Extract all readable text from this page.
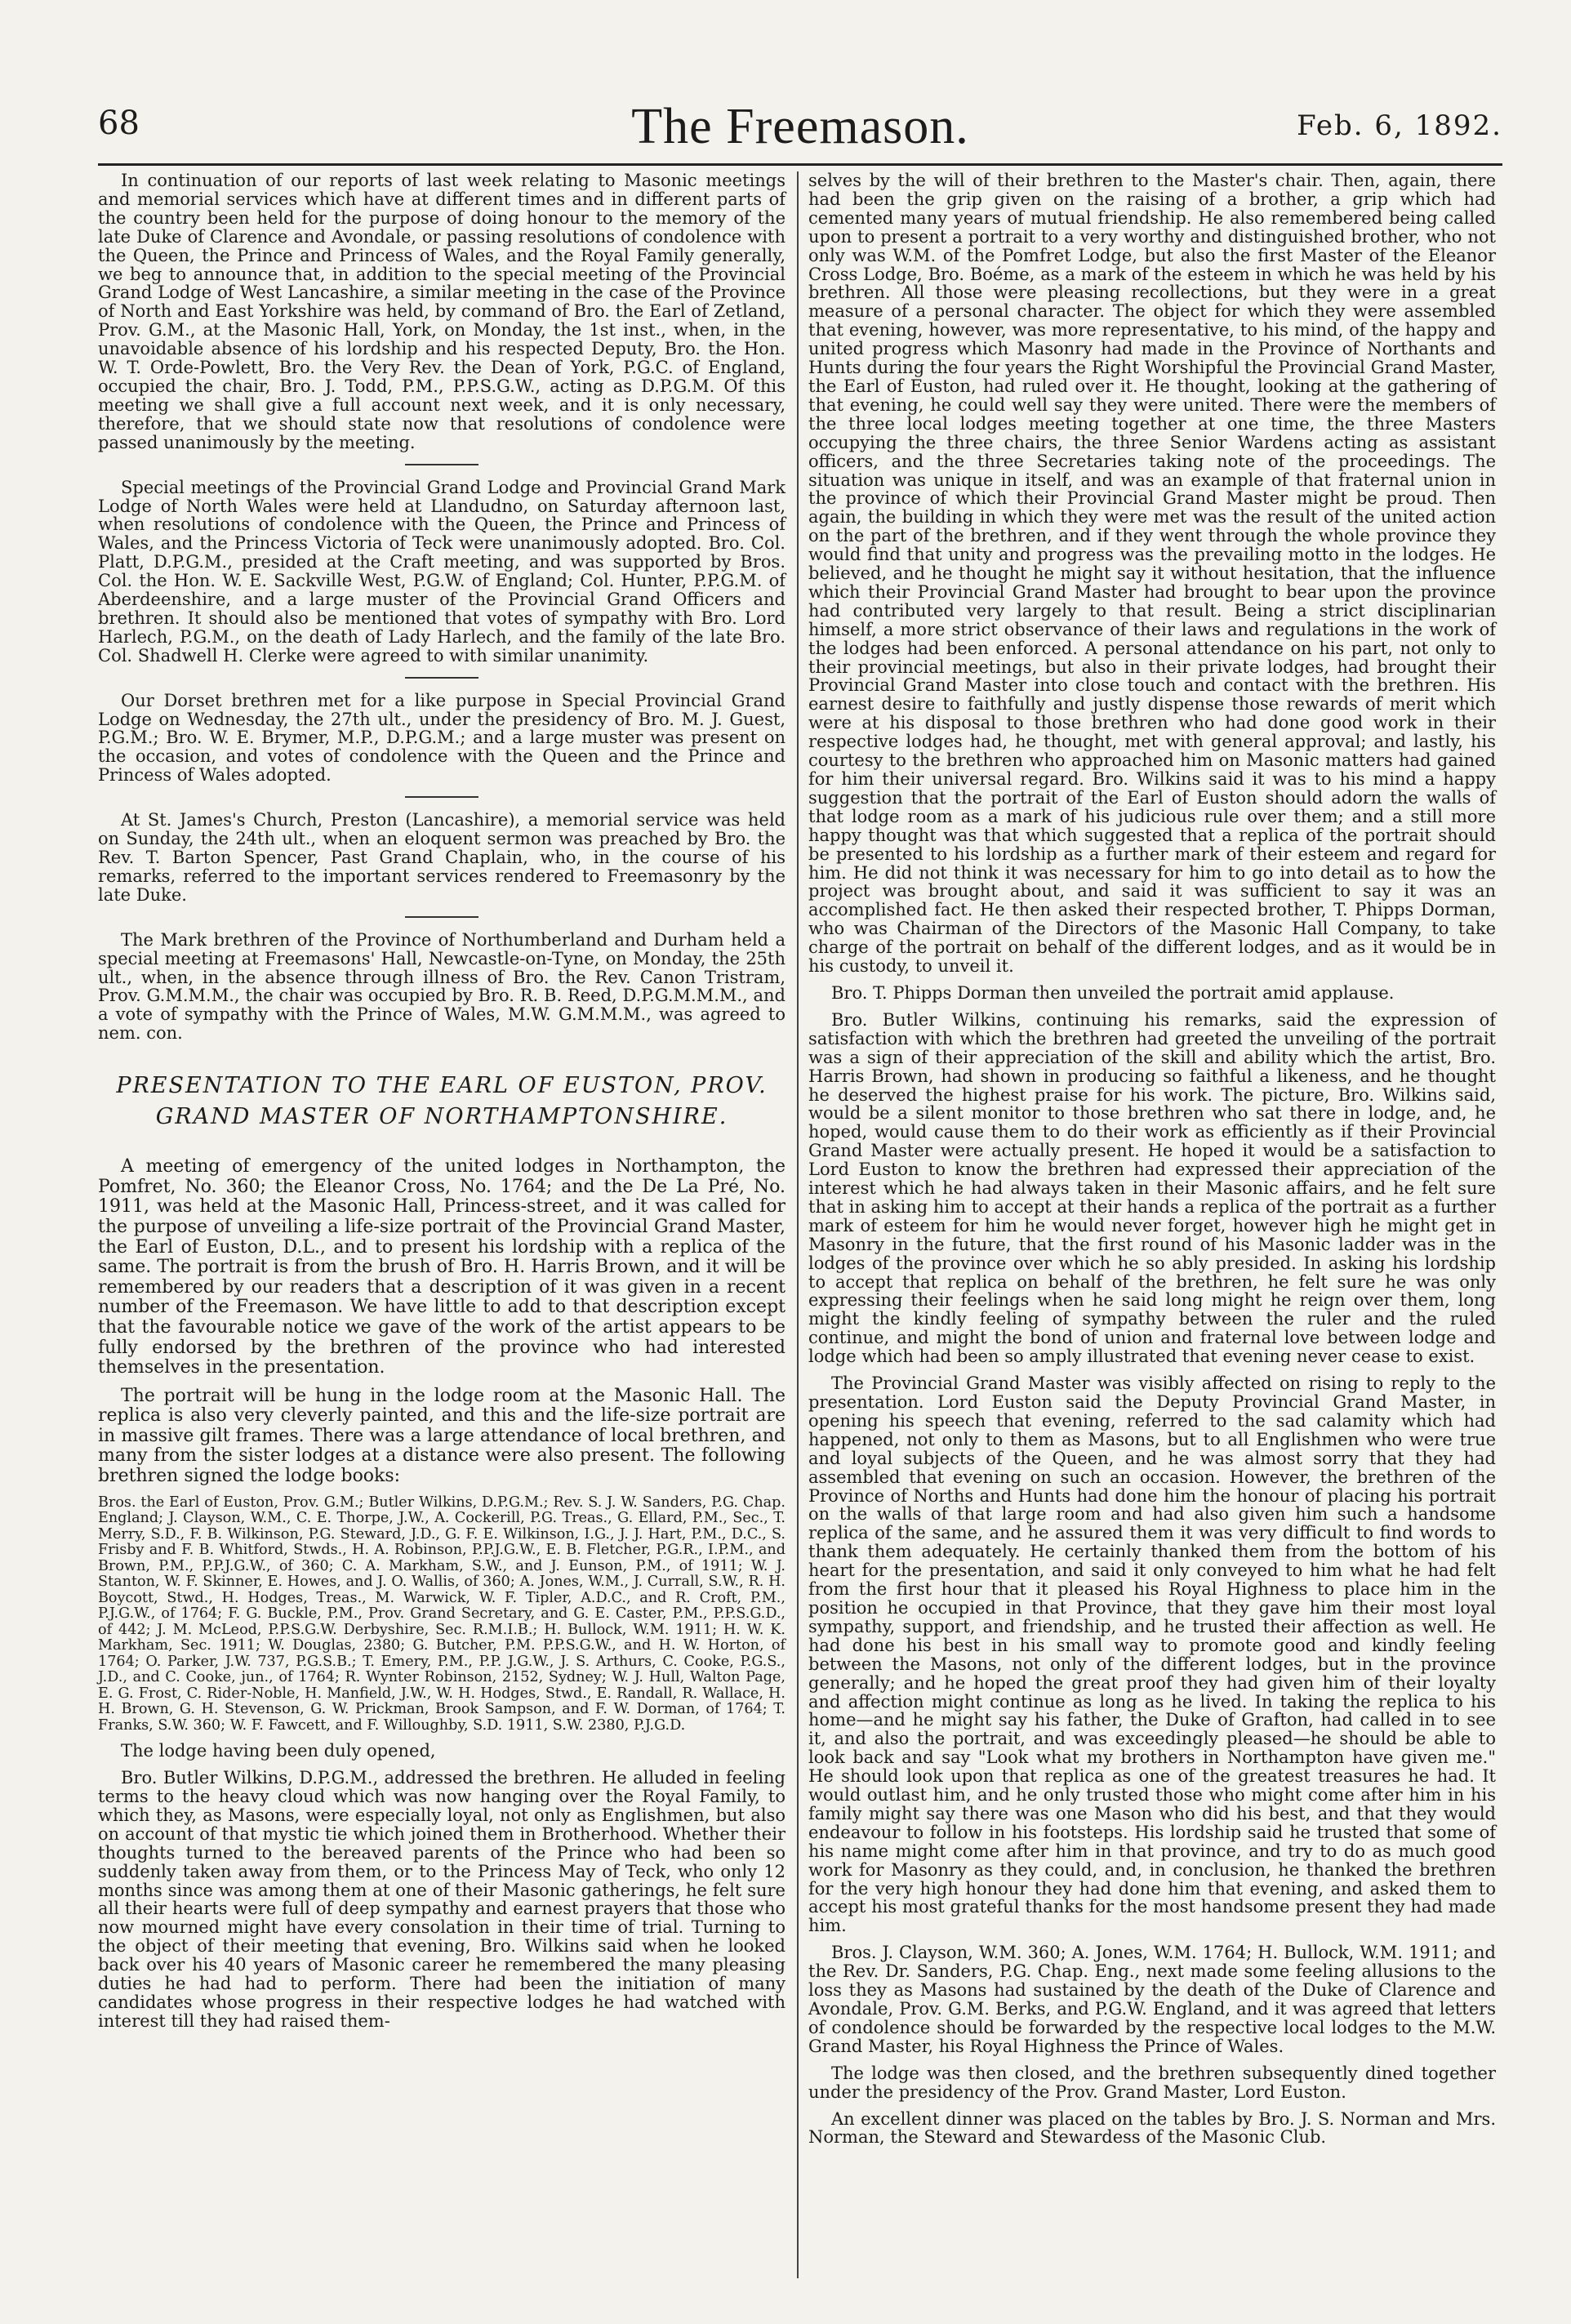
68	The Freemason.	Feb. 6, 1892.

In continuation of our reports of last week relating to Masonic meetings and memorial services which have at different times and in different parts of the country been held for the purpose of doing honour to the memory of the late Duke of Clarence and Avondale, or passing resolutions of condolence with the Queen, the Prince and Princess of Wales, and the Royal Family generally, we beg to announce that, in addition to the special meeting of the Provincial Grand Lodge of West Lancashire, a similar meeting in the case of the Province of North and East Yorkshire was held, by command of Bro. the Earl of Zetland, Prov. G.M., at the Masonic Hall, York, on Monday, the 1st inst., when, in the unavoidable absence of his lordship and his respected Deputy, Bro. the Hon. W. T. Orde-Powlett, Bro. the Very Rev. the Dean of York, P.G.C. of England, occupied the chair, Bro. J. Todd, P.M., P.P.S.G.W., acting as D.P.G.M. Of this meeting we shall give a full account next week, and it is only necessary, therefore, that we should state now that resolutions of condolence were passed unanimously by the meeting.

Special meetings of the Provincial Grand Lodge and Provincial Grand Mark Lodge of North Wales were held at Llandudno, on Saturday afternoon last, when resolutions of condolence with the Queen, the Prince and Princess of Wales, and the Princess Victoria of Teck were unanimously adopted. Bro. Col. Platt, D.P.G.M., presided at the Craft meeting, and was supported by Bros. Col. the Hon. W. E. Sackville West, P.G.W. of England; Col. Hunter, P.P.G.M. of Aberdeenshire, and a large muster of the Provincial Grand Officers and brethren. It should also be mentioned that votes of sympathy with Bro. Lord Harlech, P.G.M., on the death of Lady Harlech, and the family of the late Bro. Col. Shadwell H. Clerke were agreed to with similar unanimity.

Our Dorset brethren met for a like purpose in Special Provincial Grand Lodge on Wednesday, the 27th ult., under the presidency of Bro. M. J. Guest, P.G.M.; Bro. W. E. Brymer, M.P., D.P.G.M.; and a large muster was present on the occasion, and votes of condolence with the Queen and the Prince and Princess of Wales adopted.

At St. James's Church, Preston (Lancashire), a memorial service was held on Sunday, the 24th ult., when an eloquent sermon was preached by Bro. the Rev. T. Barton Spencer, Past Grand Chaplain, who, in the course of his remarks, referred to the important services rendered to Freemasonry by the late Duke.

The Mark brethren of the Province of Northumberland and Durham held a special meeting at Freemasons' Hall, Newcastle-on-Tyne, on Monday, the 25th ult., when, in the absence through illness of Bro. the Rev. Canon Tristram, Prov. G.M.M.M., the chair was occupied by Bro. R. B. Reed, D.P.G.M.M.M., and a vote of sympathy with the Prince of Wales, M.W. G.M.M.M., was agreed to nem. con.

PRESENTATION TO THE EARL OF EUSTON, PROV. GRAND MASTER OF NORTHAMPTONSHIRE.

A meeting of emergency of the united lodges in Northampton, the Pomfret, No. 360; the Eleanor Cross, No. 1764; and the De La Pré, No. 1911, was held at the Masonic Hall, Princess-street, and it was called for the purpose of unveiling a life-size portrait of the Provincial Grand Master, the Earl of Euston, D.L., and to present his lordship with a replica of the same. The portrait is from the brush of Bro. H. Harris Brown, and it will be remembered by our readers that a description of it was given in a recent number of the Freemason. We have little to add to that description except that the favourable notice we gave of the work of the artist appears to be fully endorsed by the brethren of the province who had interested themselves in the presentation.

The portrait will be hung in the lodge room at the Masonic Hall. The replica is also very cleverly painted, and this and the life-size portrait are in massive gilt frames. There was a large attendance of local brethren, and many from the sister lodges at a distance were also present. The following brethren signed the lodge books:

Bros. the Earl of Euston, Prov. G.M.; Butler Wilkins, D.P.G.M.; Rev. S. J. W. Sanders, P.G. Chap. England; J. Clayson, W.M., C. E. Thorpe, J.W., A. Cockerill, P.G. Treas., G. Ellard, P.M., Sec., T. Merry, S.D., F. B. Wilkinson, P.G. Steward, J.D., G. F. E. Wilkinson, I.G., J. J. Hart, P.M., D.C., S. Frisby and F. B. Whitford, Stwds., H. A. Robinson, P.P.J.G.W., E. B. Fletcher, P.G.R., I.P.M., and Brown, P.M., P.P.J.G.W., of 360; C. A. Markham, S.W., and J. Eunson, P.M., of 1911; W. J. Stanton, W. F. Skinner, E. Howes, and J. O. Wallis, of 360; A. Jones, W.M., J. Currall, S.W., R. H. Boycott, Stwd., H. Hodges, Treas., M. Warwick, W. F. Tipler, A.D.C., and R. Croft, P.M., P.J.G.W., of 1764; F. G. Buckle, P.M., Prov. Grand Secretary, and G. E. Caster, P.M., P.P.S.G.D., of 442; J. M. McLeod, P.P.S.G.W. Derbyshire, Sec. R.M.I.B.; H. Bullock, W.M. 1911; H. W. K. Markham, Sec. 1911; W. Douglas, 2380; G. Butcher, P.M. P.P.S.G.W., and H. W. Horton, of 1764; O. Parker, J.W. 737, P.G.S.B.; T. Emery, P.M., P.P. J.G.W., J. S. Arthurs, C. Cooke, P.G.S., J.D., and C. Cooke, jun., of 1764; R. Wynter Robinson, 2152, Sydney; W. J. Hull, Walton Page, E. G. Frost, C. Rider-Noble, H. Manfield, J.W., W. H. Hodges, Stwd., E. Randall, R. Wallace, H. H. Brown, G. H. Stevenson, G. W. Prickman, Brook Sampson, and F. W. Dorman, of 1764; T. Franks, S.W. 360; W. F. Fawcett, and F. Willoughby, S.D. 1911, S.W. 2380, P.J.G.D.

The lodge having been duly opened,

Bro. Butler Wilkins, D.P.G.M., addressed the brethren. He alluded in feeling terms to the heavy cloud which was now hanging over the Royal Family, to which they, as Masons, were especially loyal, not only as Englishmen, but also on account of that mystic tie which joined them in Brotherhood. Whether their thoughts turned to the bereaved parents of the Prince who had been so suddenly taken away from them, or to the Princess May of Teck, who only 12 months since was among them at one of their Masonic gatherings, he felt sure all their hearts were full of deep sympathy and earnest prayers that those who now mourned might have every consolation in their time of trial. Turning to the object of their meeting that evening, Bro. Wilkins said when he looked back over his 40 years of Masonic career he remembered the many pleasing duties he had had to perform. There had been the initiation of many candidates whose progress in their respective lodges he had watched with interest till they had raised them-

selves by the will of their brethren to the Master's chair. Then, again, there had been the grip given on the raising of a brother, a grip which had cemented many years of mutual friendship. He also remembered being called upon to present a portrait to a very worthy and distinguished brother, who not only was W.M. of the Pomfret Lodge, but also the first Master of the Eleanor Cross Lodge, Bro. Boéme, as a mark of the esteem in which he was held by his brethren. All those were pleasing recollections, but they were in a great measure of a personal character. The object for which they were assembled that evening, however, was more representative, to his mind, of the happy and united progress which Masonry had made in the Province of Northants and Hunts during the four years the Right Worshipful the Provincial Grand Master, the Earl of Euston, had ruled over it. He thought, looking at the gathering of that evening, he could well say they were united. There were the members of the three local lodges meeting together at one time, the three Masters occupying the three chairs, the three Senior Wardens acting as assistant officers, and the three Secretaries taking note of the proceedings. The situation was unique in itself, and was an example of that fraternal union in the province of which their Provincial Grand Master might be proud. Then again, the building in which they were met was the result of the united action on the part of the brethren, and if they went through the whole province they would find that unity and progress was the prevailing motto in the lodges. He believed, and he thought he might say it without hesitation, that the influence which their Provincial Grand Master had brought to bear upon the province had contributed very largely to that result. Being a strict disciplinarian himself, a more strict observance of their laws and regulations in the work of the lodges had been enforced. A personal attendance on his part, not only to their provincial meetings, but also in their private lodges, had brought their Provincial Grand Master into close touch and contact with the brethren. His earnest desire to faithfully and justly dispense those rewards of merit which were at his disposal to those brethren who had done good work in their respective lodges had, he thought, met with general approval; and lastly, his courtesy to the brethren who approached him on Masonic matters had gained for him their universal regard. Bro. Wilkins said it was to his mind a happy suggestion that the portrait of the Earl of Euston should adorn the walls of that lodge room as a mark of his judicious rule over them; and a still more happy thought was that which suggested that a replica of the portrait should be presented to his lordship as a further mark of their esteem and regard for him. He did not think it was necessary for him to go into detail as to how the project was brought about, and said it was sufficient to say it was an accomplished fact. He then asked their respected brother, T. Phipps Dorman, who was Chairman of the Directors of the Masonic Hall Company, to take charge of the portrait on behalf of the different lodges, and as it would be in his custody, to unveil it.

Bro. T. Phipps Dorman then unveiled the portrait amid applause.

Bro. Butler Wilkins, continuing his remarks, said the expression of satisfaction with which the brethren had greeted the unveiling of the portrait was a sign of their appreciation of the skill and ability which the artist, Bro. Harris Brown, had shown in producing so faithful a likeness, and he thought he deserved the highest praise for his work. The picture, Bro. Wilkins said, would be a silent monitor to those brethren who sat there in lodge, and, he hoped, would cause them to do their work as efficiently as if their Provincial Grand Master were actually present. He hoped it would be a satisfaction to Lord Euston to know the brethren had expressed their appreciation of the interest which he had always taken in their Masonic affairs, and he felt sure that in asking him to accept at their hands a replica of the portrait as a further mark of esteem for him he would never forget, however high he might get in Masonry in the future, that the first round of his Masonic ladder was in the lodges of the province over which he so ably presided. In asking his lordship to accept that replica on behalf of the brethren, he felt sure he was only expressing their feelings when he said long might he reign over them, long might the kindly feeling of sympathy between the ruler and the ruled continue, and might the bond of union and fraternal love between lodge and lodge which had been so amply illustrated that evening never cease to exist.

The Provincial Grand Master was visibly affected on rising to reply to the presentation. Lord Euston said the Deputy Provincial Grand Master, in opening his speech that evening, referred to the sad calamity which had happened, not only to them as Masons, but to all Englishmen who were true and loyal subjects of the Queen, and he was almost sorry that they had assembled that evening on such an occasion. However, the brethren of the Province of Norths and Hunts had done him the honour of placing his portrait on the walls of that large room and had also given him such a handsome replica of the same, and he assured them it was very difficult to find words to thank them adequately. He certainly thanked them from the bottom of his heart for the presentation, and said it only conveyed to him what he had felt from the first hour that it pleased his Royal Highness to place him in the position he occupied in that Province, that they gave him their most loyal sympathy, support, and friendship, and he trusted their affection as well. He had done his best in his small way to promote good and kindly feeling between the Masons, not only of the different lodges, but in the province generally; and he hoped the great proof they had given him of their loyalty and affection might continue as long as he lived. In taking the replica to his home—and he might say his father, the Duke of Grafton, had called in to see it, and also the portrait, and was exceedingly pleased—he should be able to look back and say "Look what my brothers in Northampton have given me." He should look upon that replica as one of the greatest treasures he had. It would outlast him, and he only trusted those who might come after him in his family might say there was one Mason who did his best, and that they would endeavour to follow in his footsteps. His lordship said he trusted that some of his name might come after him in that province, and try to do as much good work for Masonry as they could, and, in conclusion, he thanked the brethren for the very high honour they had done him that evening, and asked them to accept his most grateful thanks for the most handsome present they had made him.

Bros. J. Clayson, W.M. 360; A. Jones, W.M. 1764; H. Bullock, W.M. 1911; and the Rev. Dr. Sanders, P.G. Chap. Eng., next made some feeling allusions to the loss they as Masons had sustained by the death of the Duke of Clarence and Avondale, Prov. G.M. Berks, and P.G.W. England, and it was agreed that letters of condolence should be forwarded by the respective local lodges to the M.W. Grand Master, his Royal Highness the Prince of Wales.

The lodge was then closed, and the brethren subsequently dined together under the presidency of the Prov. Grand Master, Lord Euston.

An excellent dinner was placed on the tables by Bro. J. S. Norman and Mrs. Norman, the Steward and Stewardess of the Masonic Club.
